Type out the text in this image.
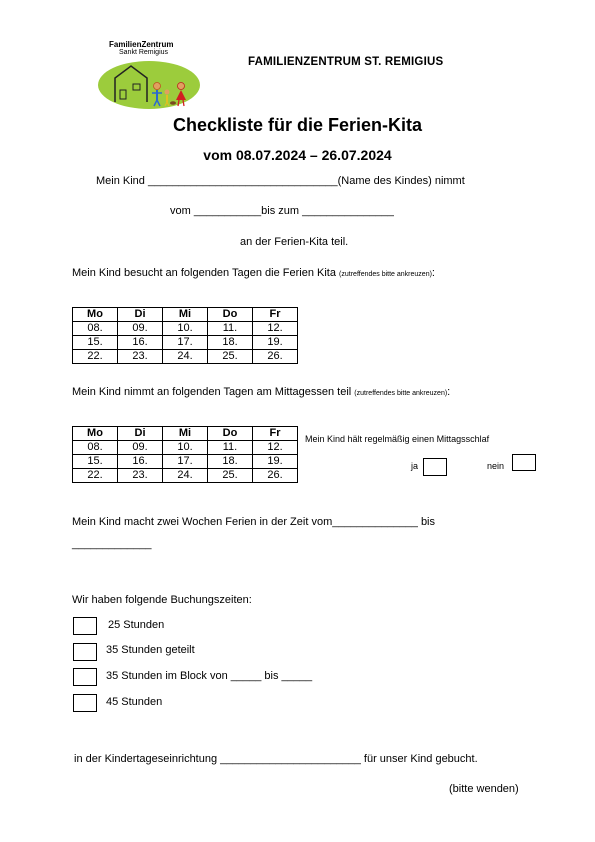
FamilienZentrum
Sankt Remigius
FAMILIENZENTRUM ST. REMIGIUS
Checkliste für die Ferien-Kita
vom 08.07.2024 – 26.07.2024
Mein Kind _______________________________(Name des Kindes) nimmt
vom ___________bis zum _______________
an der Ferien-Kita teil.
Mein Kind besucht an folgenden Tagen die Ferien Kita (zutreffendes bitte ankreuzen):
Mo	Di	Mi	Do	Fr
08.	09.	10.	11.	12.
15.	16.	17.	18.	19.
22.	23.	24.	25.	26.
Mein Kind nimmt an folgenden Tagen am Mittagessen teil (zutreffendes bitte ankreuzen):
Mo	Di	Mi	Do	Fr
08.	09.	10.	11.	12.
15.	16.	17.	18.	19.
22.	23.	24.	25.	26.
Mein Kind hält regelmäßig einen Mittagsschlaf
ja	nein
Mein Kind macht zwei Wochen Ferien in der Zeit vom______________ bis
_____________
Wir haben folgende Buchungszeiten:
25 Stunden
35 Stunden geteilt
35 Stunden im Block von _____ bis _____
45 Stunden
in der Kindertageseinrichtung _______________________ für unser Kind gebucht.
(bitte wenden)
